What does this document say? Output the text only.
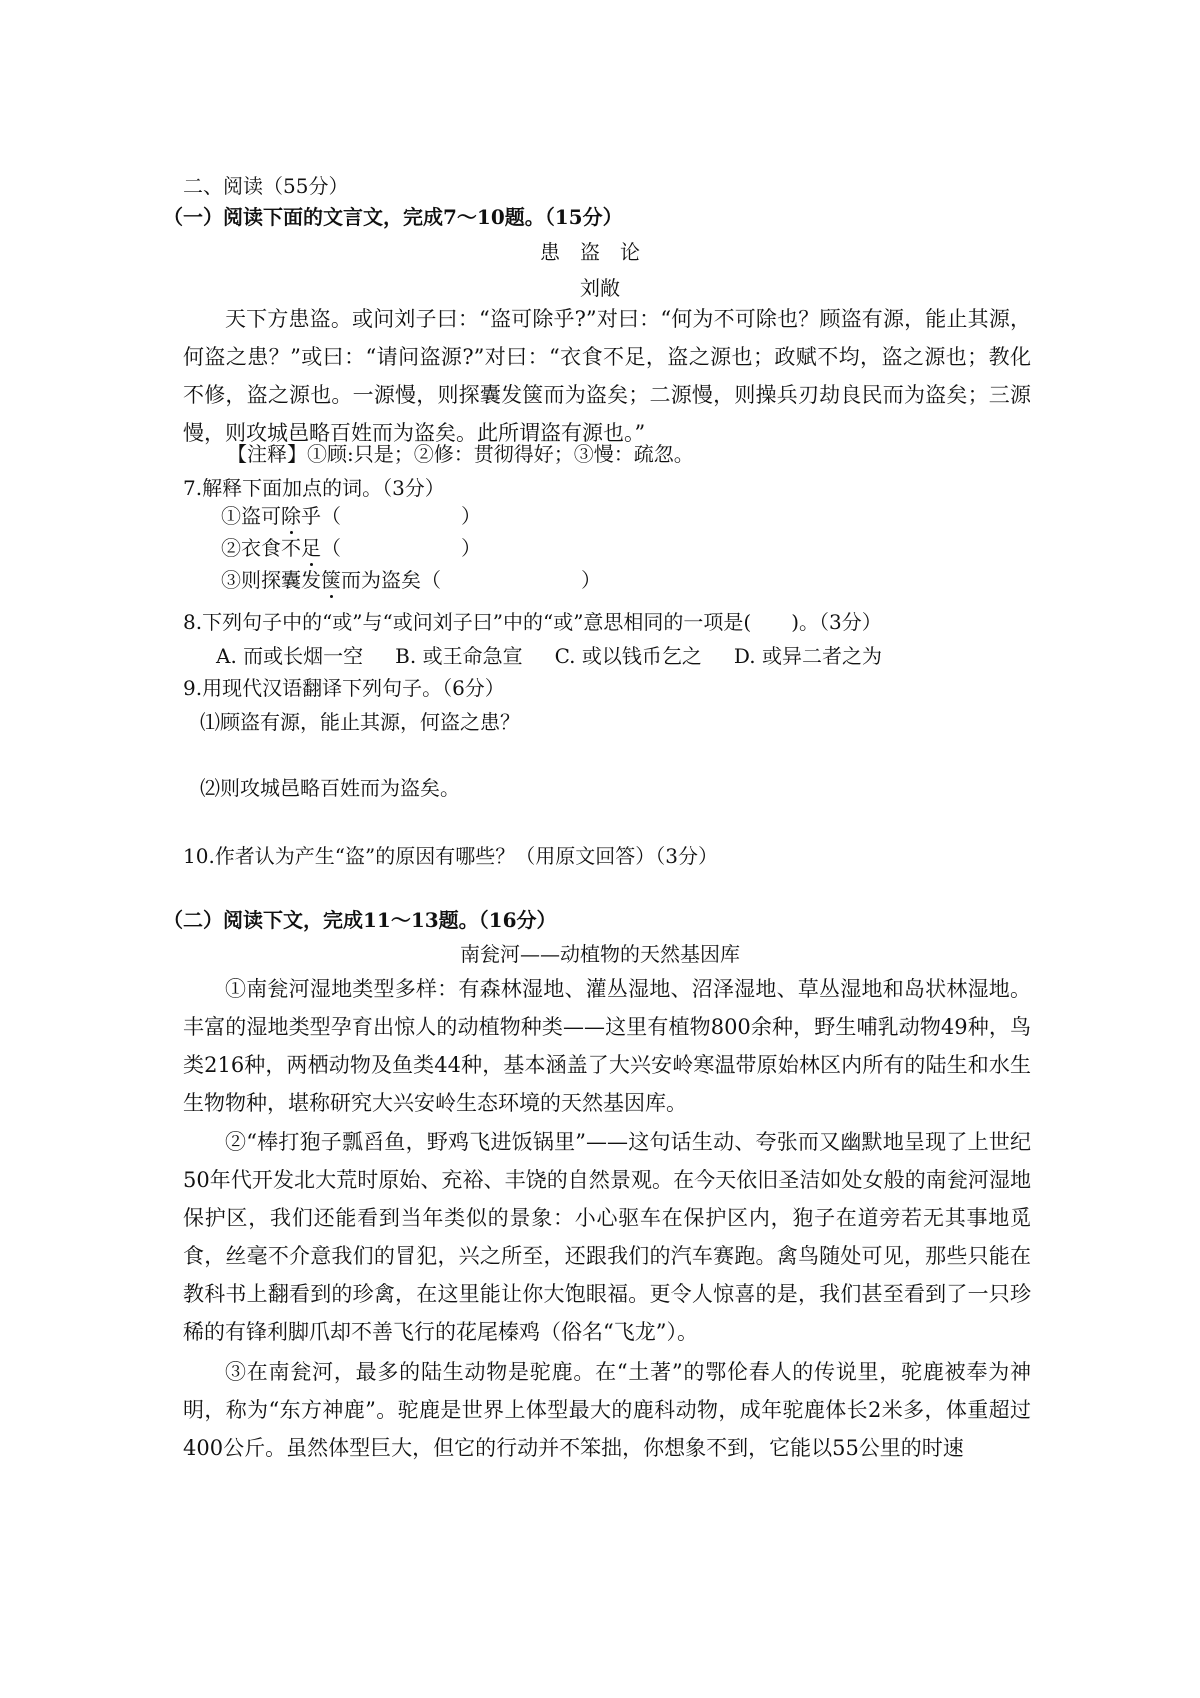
二、阅读（55分）
（一）阅读下面的文言文，完成7～10题。（15分）
患盗论
刘敞
天下方患盗。或问刘子曰：“盗可除乎?”对曰：“何为不可除也？顾盗有源，能止其源，何盗之患？”或曰：“请问盗源?”对曰：“衣食不足，盗之源也；政赋不均，盗之源也；教化不修，盗之源也。一源慢，则探囊发箧而为盗矣；二源慢，则操兵刃劫良民而为盗矣；三源慢，则攻城邑略百姓而为盗矣。此所谓盗有源也。”
【注释】①顾:只是；②修：贯彻得好；③慢：疏忽。
7.解释下面加点的词。（3分）
①盗可除乎（	）
②衣食不足（	）
③则探囊发箧而为盗矣（	）
8.下列句子中的“或”与“或问刘子曰”中的“或”意思相同的一项是(　　)。（3分）
A. 而或长烟一空 B. 或王命急宣 C. 或以钱币乞之 D. 或异二者之为
9.用现代汉语翻译下列句子。（6分）
⑴顾盗有源，能止其源，何盗之患？
⑵则攻城邑略百姓而为盗矣。
10.作者认为产生“盗”的原因有哪些？（用原文回答）（3分）
（二）阅读下文，完成11～13题。（16分）
南瓮河——动植物的天然基因库
①南瓮河湿地类型多样：有森林湿地、灌丛湿地、沼泽湿地、草丛湿地和岛状林湿地。丰富的湿地类型孕育出惊人的动植物种类——这里有植物800余种，野生哺乳动物49种，鸟类216种，两栖动物及鱼类44种，基本涵盖了大兴安岭寒温带原始林区内所有的陆生和水生生物物种，堪称研究大兴安岭生态环境的天然基因库。
②“棒打狍子瓢舀鱼，野鸡飞进饭锅里”——这句话生动、夸张而又幽默地呈现了上世纪50年代开发北大荒时原始、充裕、丰饶的自然景观。在今天依旧圣洁如处女般的南瓮河湿地保护区，我们还能看到当年类似的景象：小心驱车在保护区内，狍子在道旁若无其事地觅食，丝毫不介意我们的冒犯，兴之所至，还跟我们的汽车赛跑。禽鸟随处可见，那些只能在教科书上翻看到的珍禽，在这里能让你大饱眼福。更令人惊喜的是，我们甚至看到了一只珍稀的有锋利脚爪却不善飞行的花尾榛鸡（俗名“飞龙”）。
③在南瓮河，最多的陆生动物是驼鹿。在“土著”的鄂伦春人的传说里，驼鹿被奉为神明，称为“东方神鹿”。驼鹿是世界上体型最大的鹿科动物，成年驼鹿体长2米多，体重超过400公斤。虽然体型巨大，但它的行动并不笨拙，你想象不到，它能以55公里的时速
